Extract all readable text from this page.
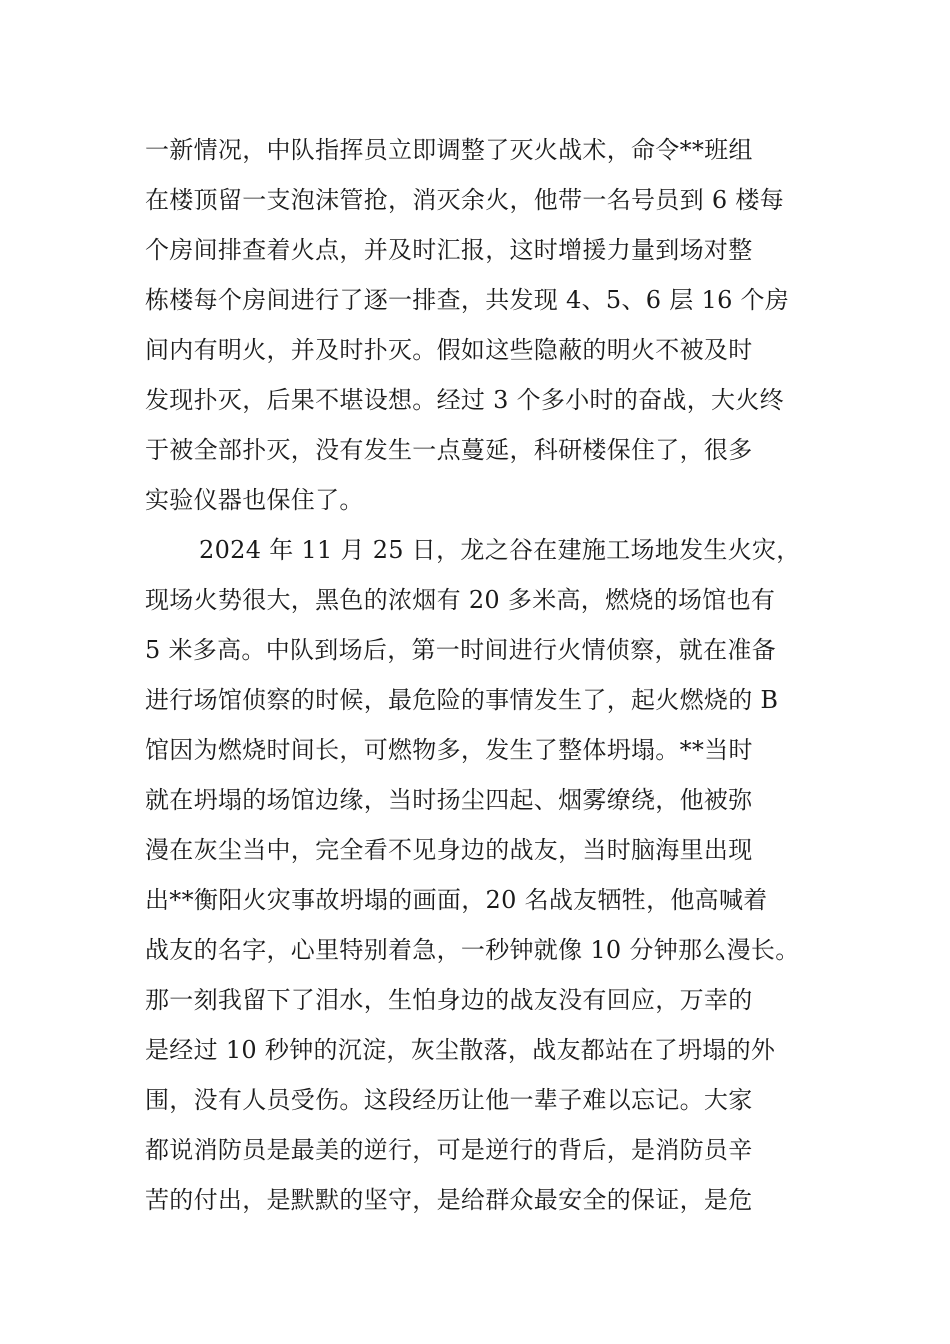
一新情况，中队指挥员立即调整了灭火战术，命令**班组
在楼顶留一支泡沫管抢，消灭余火，他带一名号员到 6 楼每
个房间排查着火点，并及时汇报，这时增援力量到场对整
栋楼每个房间进行了逐一排查，共发现 4、5、6 层 16 个房
间内有明火，并及时扑灭。假如这些隐蔽的明火不被及时
发现扑灭，后果不堪设想。经过 3 个多小时的奋战，大火终
于被全部扑灭，没有发生一点蔓延，科研楼保住了，很多
实验仪器也保住了。
2024 年 11 月 25 日，龙之谷在建施工场地发生火灾，
现场火势很大，黑色的浓烟有 20 多米高，燃烧的场馆也有
5 米多高。中队到场后，第一时间进行火情侦察，就在准备
进行场馆侦察的时候，最危险的事情发生了，起火燃烧的 B
馆因为燃烧时间长，可燃物多，发生了整体坍塌。**当时
就在坍塌的场馆边缘，当时扬尘四起、烟雾缭绕，他被弥
漫在灰尘当中，完全看不见身边的战友，当时脑海里出现
出**衡阳火灾事故坍塌的画面，20 名战友牺牲，他高喊着
战友的名字，心里特别着急，一秒钟就像 10 分钟那么漫长。
那一刻我留下了泪水，生怕身边的战友没有回应，万幸的
是经过 10 秒钟的沉淀，灰尘散落，战友都站在了坍塌的外
围，没有人员受伤。这段经历让他一辈子难以忘记。大家
都说消防员是最美的逆行，可是逆行的背后，是消防员辛
苦的付出，是默默的坚守，是给群众最安全的保证，是危
